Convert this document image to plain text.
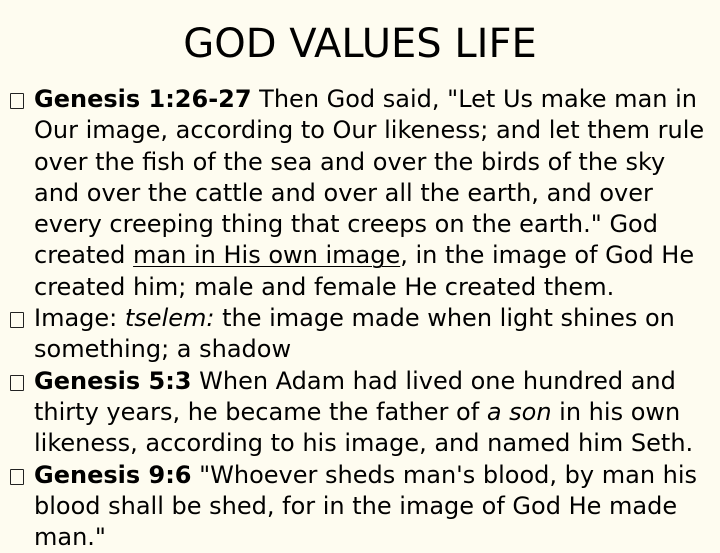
GOD VALUES LIFE
Genesis 1:26-27 Then God said, "Let Us make man in Our image, according to Our likeness; and let them rule over the fish of the sea and over the birds of the sky and over the cattle and over all the earth, and over every creeping thing that creeps on the earth." God created man in His own image, in the image of God He created him; male and female He created them.
Image: tselem: the image made when light shines on something; a shadow
Genesis 5:3 When Adam had lived one hundred and thirty years, he became the father of a son in his own likeness, according to his image, and named him Seth.
Genesis 9:6 "Whoever sheds man's blood, by man his blood shall be shed, for in the image of God He made man."
